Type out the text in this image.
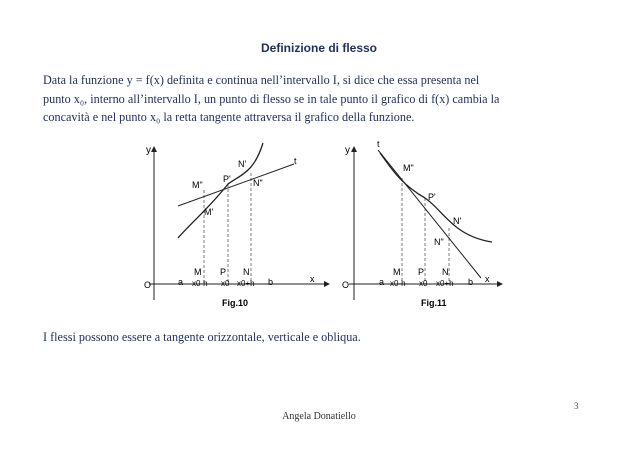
Definizione di flesso
Data la funzione y = f(x) definita e continua nell’intervallo I, si dice che essa presenta nel
punto x₀, interno all’intervallo I, un punto di flesso se in tale punto il grafico di f(x) cambia la
concavità e nel punto x₀ la retta tangente attraversa il grafico della funzione.
y
x
O	a	b
t
M"
M'
P'
N'
N"
M P N
x0-h x0 x0+h
Fig.10
y
x
O	a	b
t
M"
P'
N'
N"
M P N
x0-h x0 x0+h
Fig.11
I flessi possono essere a tangente orizzontale, verticale e obliqua.
3
Angela Donatiello
